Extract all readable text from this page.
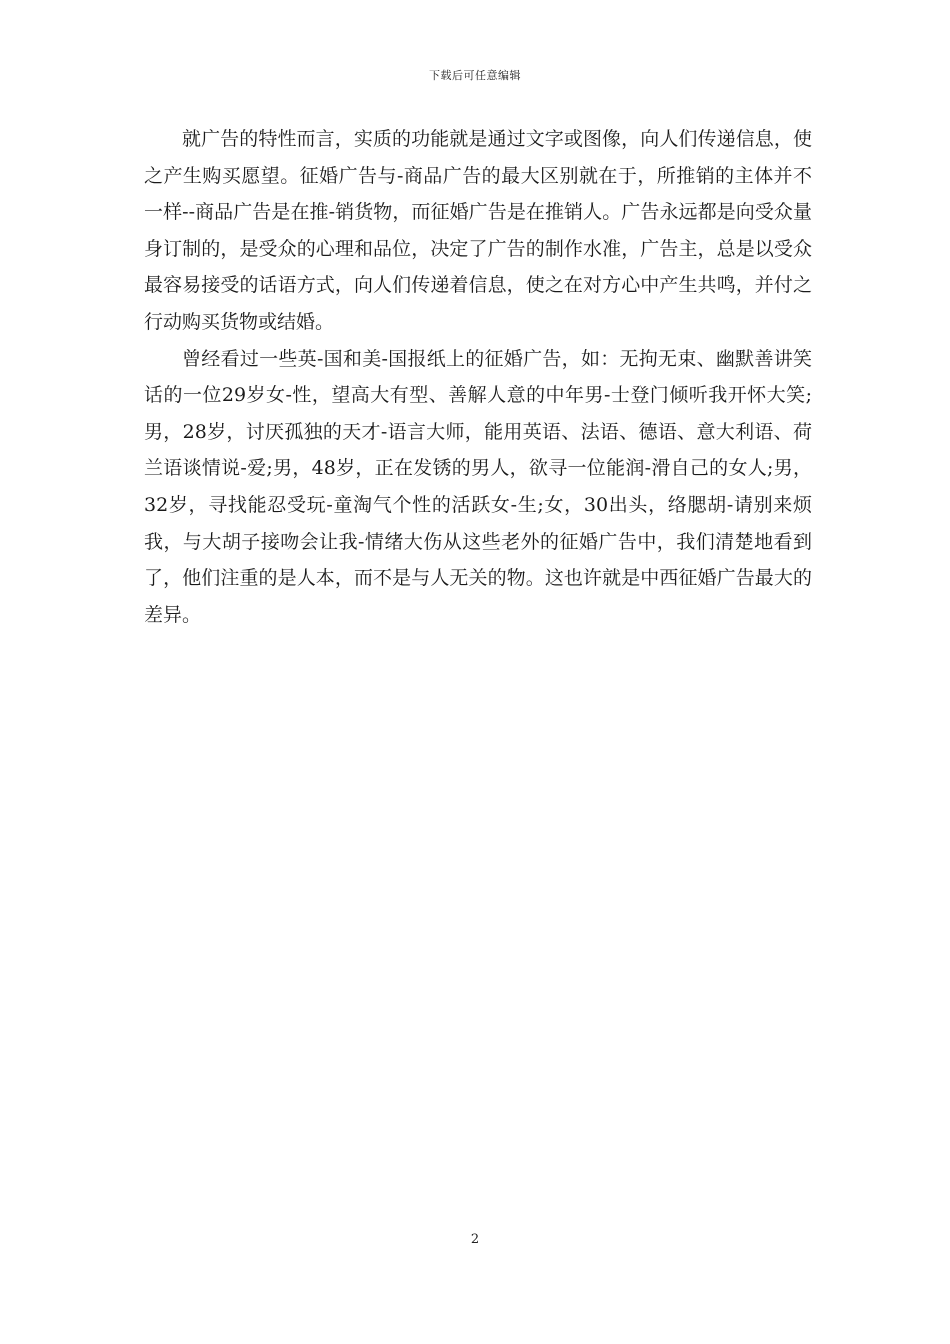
下载后可任意编辑

就广告的特性而言，实质的功能就是通过文字或图像，向人们传递信息，使之产生购买愿望。征婚广告与-商品广告的最大区别就在于，所推销的主体并不一样--商品广告是在推-销货物，而征婚广告是在推销人。广告永远都是向受众量身订制的，是受众的心理和品位，决定了广告的制作水准，广告主，总是以受众最容易接受的话语方式，向人们传递着信息，使之在对方心中产生共鸣，并付之行动购买货物或结婚。

曾经看过一些英-国和美-国报纸上的征婚广告，如：无拘无束、幽默善讲笑话的一位29岁女-性，望高大有型、善解人意的中年男-士登门倾听我开怀大笑;男，28岁，讨厌孤独的天才-语言大师，能用英语、法语、德语、意大利语、荷兰语谈情说-爱;男，48岁，正在发锈的男人，欲寻一位能润-滑自己的女人;男，32岁，寻找能忍受玩-童淘气个性的活跃女-生;女，30出头，络腮胡-请别来烦我，与大胡子接吻会让我-情绪大伤从这些老外的征婚广告中，我们清楚地看到了，他们注重的是人本，而不是与人无关的物。这也许就是中西征婚广告最大的差异。

2
